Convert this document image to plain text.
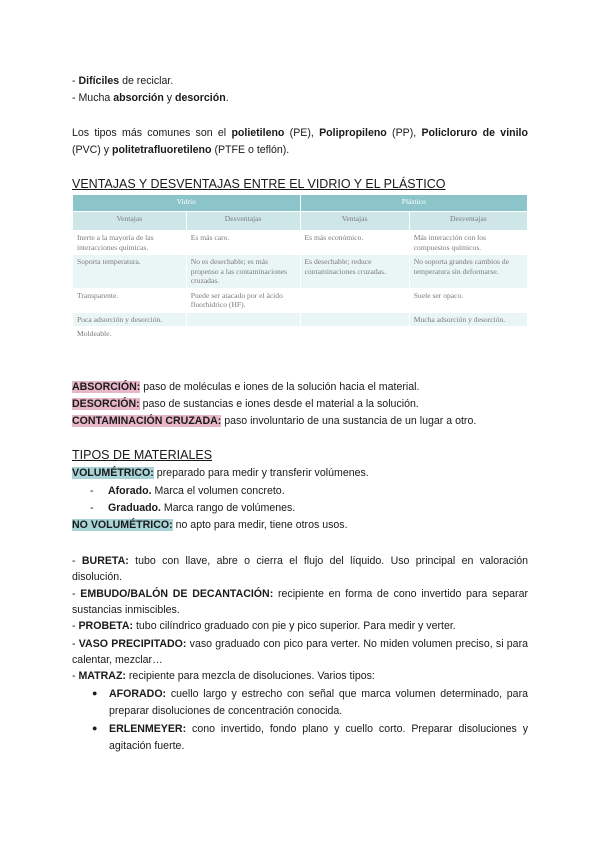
- Difíciles de reciclar.
- Mucha absorción y desorción.
Los tipos más comunes son el polietileno (PE), Polipropileno (PP), Policloruro de vinilo (PVC) y politetrafluoretileno (PTFE o teflón).
VENTAJAS Y DESVENTAJAS ENTRE EL VIDRIO Y EL PLÁSTICO
Vidrio		Plástico	
Ventajas	Desventajas	Ventajas	Desventajas
Inerte a la mayoría de las interacciones químicas.	Es más caro.	Es más económico.	Más interacción con los compuestos químicos.
Soporta temperatura.	No es desechable; es más propenso a las contaminaciones cruzadas.	Es desechable; reduce contaminaciones cruzadas.	No soporta grandes cambios de temperatura sin deformarse.
Transparente.	Puede ser atacado por el ácido fluorhídrico (HF).		Suele ser opaco.
Poca adsorción y desorción.			Mucha adsorción y desorción.
Moldeable.			
ABSORCIÓN: paso de moléculas e iones de la solución hacia el material.
DESORCIÓN: paso de sustancias e iones desde el material a la solución.
CONTAMINACIÓN CRUZADA: paso involuntario de una sustancia de un lugar a otro.
TIPOS DE MATERIALES
VOLUMÉTRICO: preparado para medir y transferir volúmenes.
- Aforado. Marca el volumen concreto.
- Graduado. Marca rango de volúmenes.
NO VOLUMÉTRICO: no apto para medir, tiene otros usos.
- BURETA: tubo con llave, abre o cierra el flujo del líquido. Uso principal en valoración disolución.
- EMBUDO/BALÓN DE DECANTACIÓN: recipiente en forma de cono invertido para separar sustancias inmiscibles.
- PROBETA: tubo cilíndrico graduado con pie y pico superior. Para medir y verter.
- VASO PRECIPITADO: vaso graduado con pico para verter. No miden volumen preciso, si para calentar, mezclar…
- MATRAZ: recipiente para mezcla de disoluciones. Varios tipos:
● AFORADO: cuello largo y estrecho con señal que marca volumen determinado, para preparar disoluciones de concentración conocida.
● ERLENMEYER: cono invertido, fondo plano y cuello corto. Preparar disoluciones y agitación fuerte.
